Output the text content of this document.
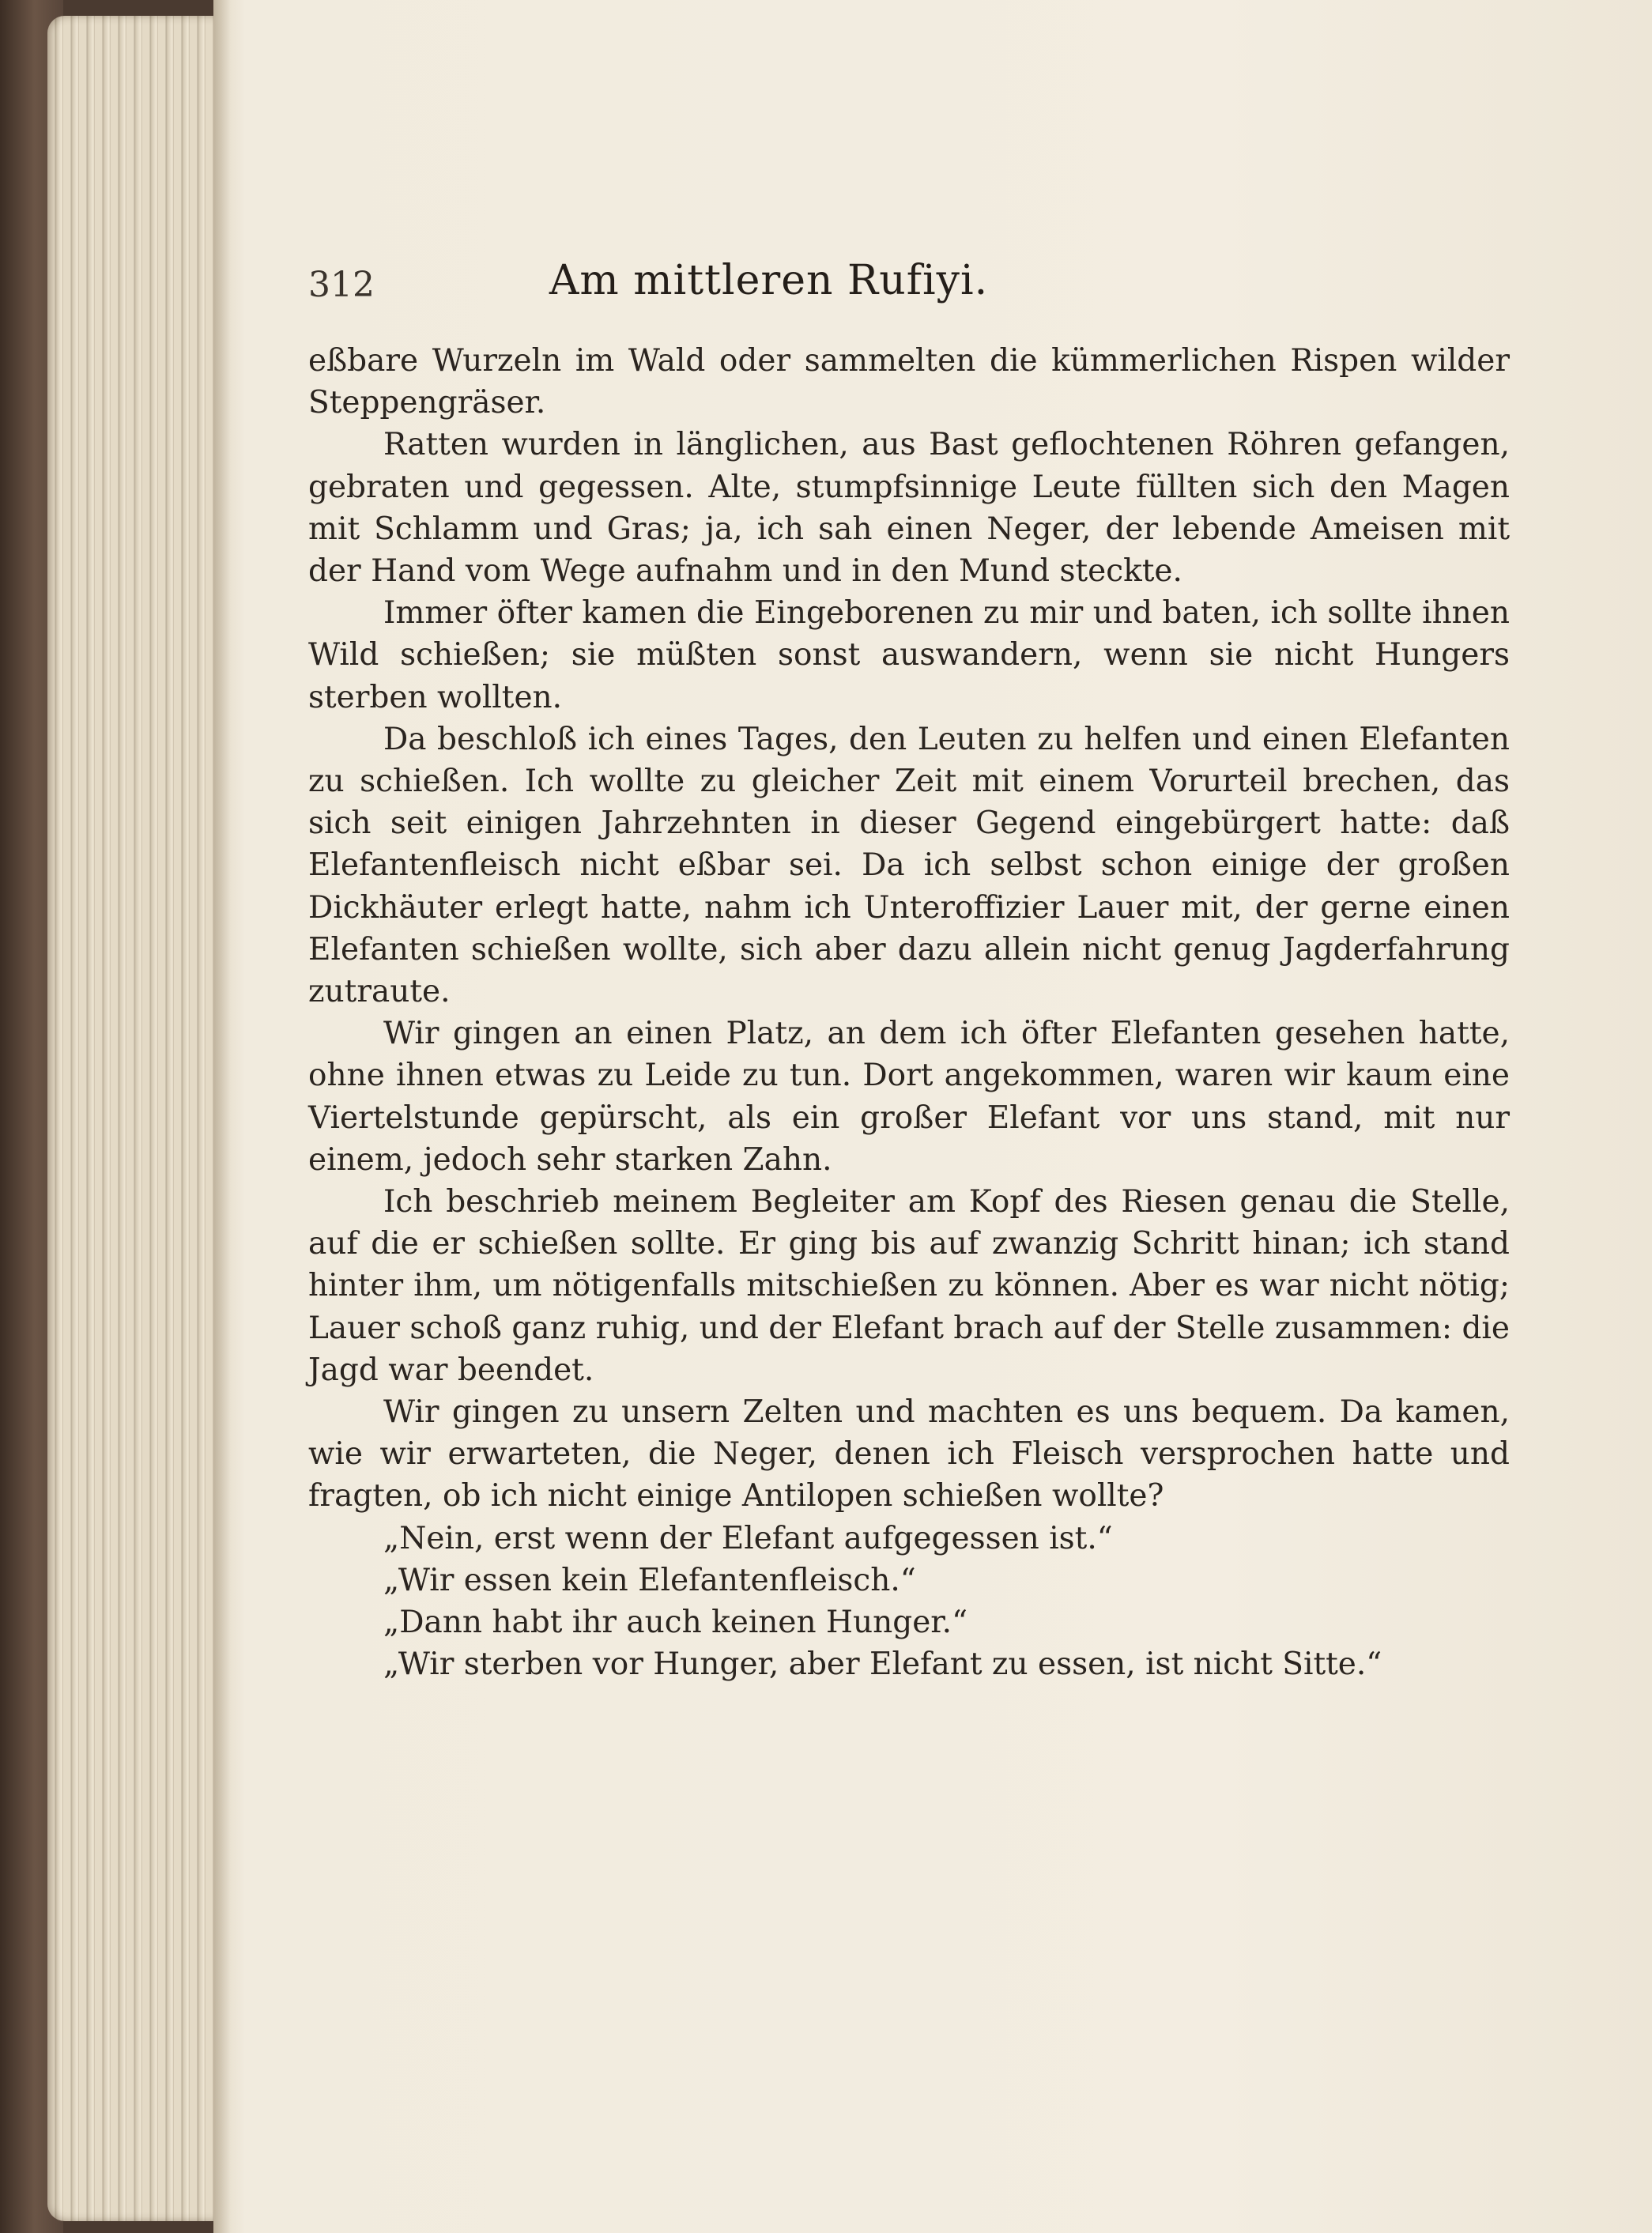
312	Am mittleren Rufiyi.

eßbare Wurzeln im Wald oder sammelten die kümmerlichen Rispen wilder Steppengräser.

Ratten wurden in länglichen, aus Bast geflochtenen Röhren gefangen, gebraten und gegessen. Alte, stumpfsinnige Leute füllten sich den Magen mit Schlamm und Gras; ja, ich sah einen Neger, der lebende Ameisen mit der Hand vom Wege aufnahm und in den Mund steckte.

Immer öfter kamen die Eingeborenen zu mir und baten, ich sollte ihnen Wild schießen; sie müßten sonst auswandern, wenn sie nicht Hungers sterben wollten.

Da beschloß ich eines Tages, den Leuten zu helfen und einen Elefanten zu schießen. Ich wollte zu gleicher Zeit mit einem Vorurteil brechen, das sich seit einigen Jahrzehnten in dieser Gegend eingebürgert hatte: daß Elefantenfleisch nicht eßbar sei. Da ich selbst schon einige der großen Dickhäuter erlegt hatte, nahm ich Unteroffizier Lauer mit, der gerne einen Elefanten schießen wollte, sich aber dazu allein nicht genug Jagderfahrung zutraute.

Wir gingen an einen Platz, an dem ich öfter Elefanten gesehen hatte, ohne ihnen etwas zu Leide zu tun. Dort angekommen, waren wir kaum eine Viertelstunde gepürscht, als ein großer Elefant vor uns stand, mit nur einem, jedoch sehr starken Zahn.

Ich beschrieb meinem Begleiter am Kopf des Riesen genau die Stelle, auf die er schießen sollte. Er ging bis auf zwanzig Schritt hinan; ich stand hinter ihm, um nötigenfalls mitschießen zu können. Aber es war nicht nötig; Lauer schoß ganz ruhig, und der Elefant brach auf der Stelle zusammen: die Jagd war beendet.

Wir gingen zu unsern Zelten und machten es uns bequem. Da kamen, wie wir erwarteten, die Neger, denen ich Fleisch versprochen hatte und fragten, ob ich nicht einige Antilopen schießen wollte?

„Nein, erst wenn der Elefant aufgegessen ist.“

„Wir essen kein Elefantenfleisch.“

„Dann habt ihr auch keinen Hunger.“

„Wir sterben vor Hunger, aber Elefant zu essen, ist nicht Sitte.“
